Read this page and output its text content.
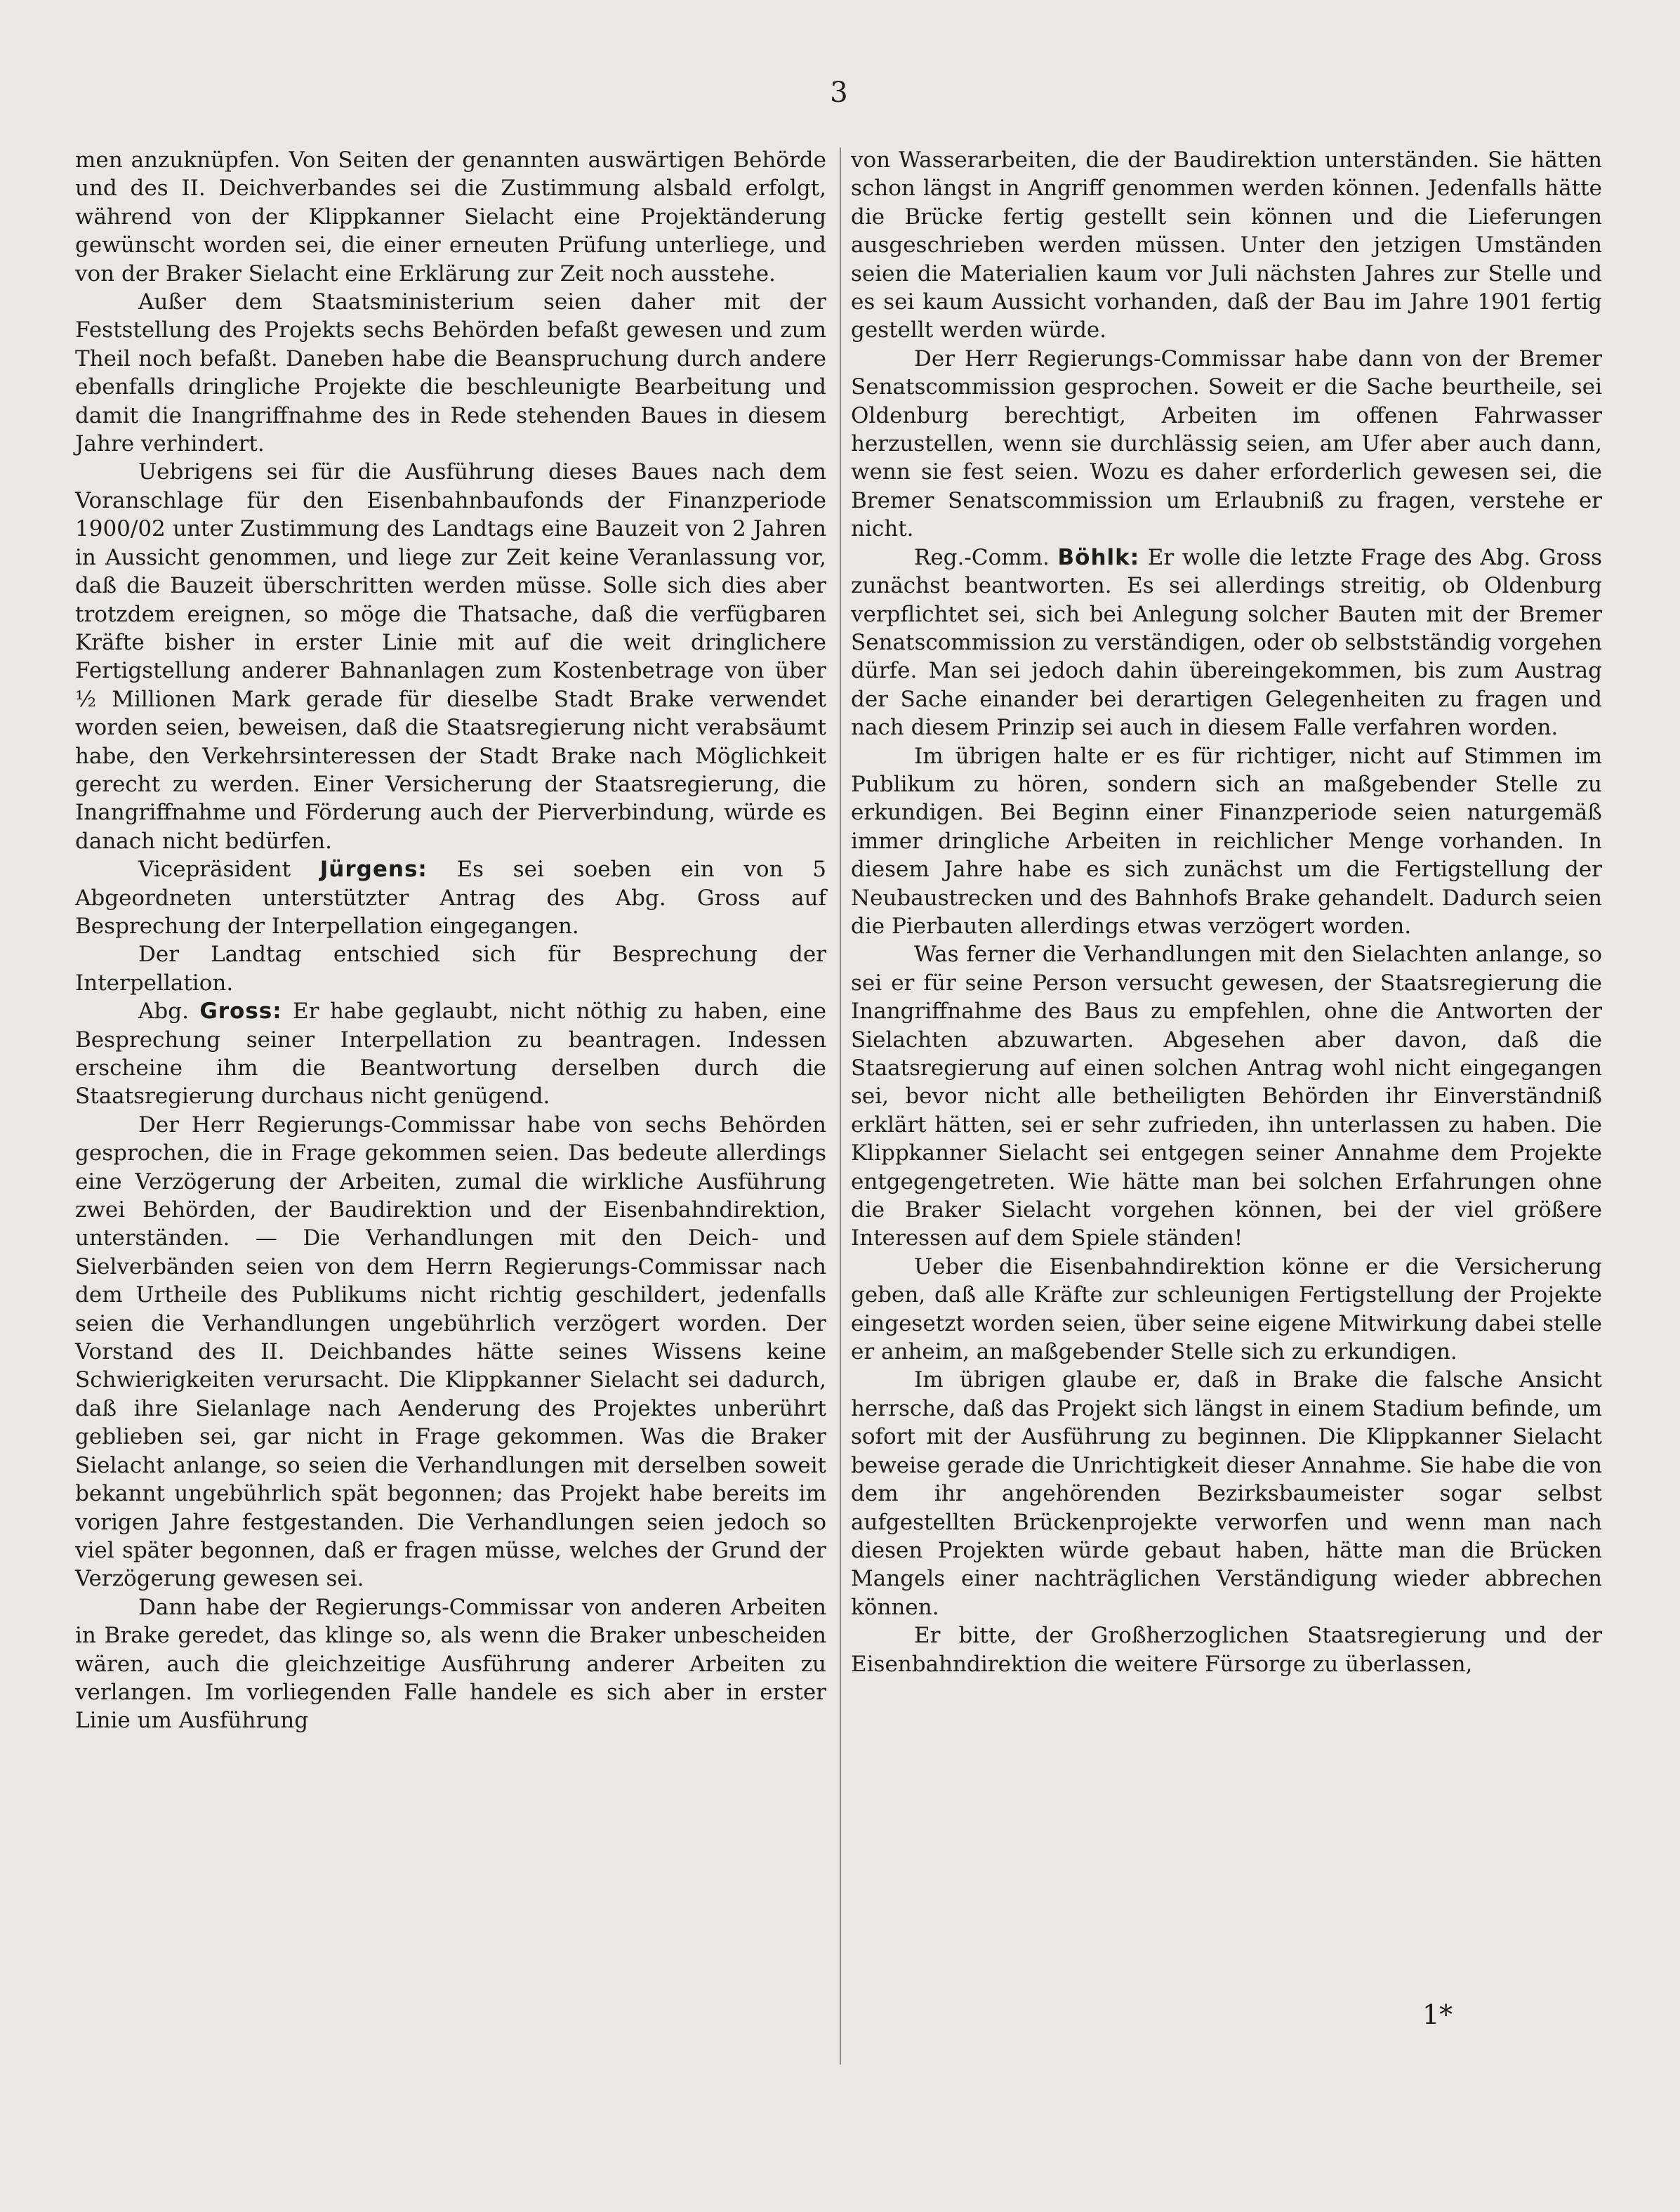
3

men anzuknüpfen. Von Seiten der genannten auswärtigen Behörde und des II. Deichverbandes sei die Zustimmung alsbald erfolgt, während von der Klippkanner Sielacht eine Projektänderung gewünscht worden sei, die einer erneuten Prüfung unterliege, und von der Braker Sielacht eine Erklärung zur Zeit noch ausstehe.

Außer dem Staatsministerium seien daher mit der Feststellung des Projekts sechs Behörden befaßt gewesen und zum Theil noch befaßt. Daneben habe die Beanspruchung durch andere ebenfalls dringliche Projekte die beschleunigte Bearbeitung und damit die Inangriffnahme des in Rede stehenden Baues in diesem Jahre verhindert.

Uebrigens sei für die Ausführung dieses Baues nach dem Voranschlage für den Eisenbahnbaufonds der Finanzperiode 1900/02 unter Zustimmung des Landtags eine Bauzeit von 2 Jahren in Aussicht genommen, und liege zur Zeit keine Veranlassung vor, daß die Bauzeit überschritten werden müsse. Solle sich dies aber trotzdem ereignen, so möge die Thatsache, daß die verfügbaren Kräfte bisher in erster Linie mit auf die weit dringlichere Fertigstellung anderer Bahnanlagen zum Kostenbetrage von über ½ Millionen Mark gerade für dieselbe Stadt Brake verwendet worden seien, beweisen, daß die Staatsregierung nicht verabsäumt habe, den Verkehrsinteressen der Stadt Brake nach Möglichkeit gerecht zu werden. Einer Versicherung der Staatsregierung, die Inangriffnahme und Förderung auch der Pierverbindung, würde es danach nicht bedürfen.

Vicepräsident Jürgens: Es sei soeben ein von 5 Abgeordneten unterstützter Antrag des Abg. Gross auf Besprechung der Interpellation eingegangen.

Der Landtag entschied sich für Besprechung der Interpellation.

Abg. Gross: Er habe geglaubt, nicht nöthig zu haben, eine Besprechung seiner Interpellation zu beantragen. Indessen erscheine ihm die Beantwortung derselben durch die Staatsregierung durchaus nicht genügend.

Der Herr Regierungs-Commissar habe von sechs Behörden gesprochen, die in Frage gekommen seien. Das bedeute allerdings eine Verzögerung der Arbeiten, zumal die wirkliche Ausführung zwei Behörden, der Baudirektion und der Eisenbahndirektion, unterständen. — Die Verhandlungen mit den Deich- und Sielverbänden seien von dem Herrn Regierungs-Commissar nach dem Urtheile des Publikums nicht richtig geschildert, jedenfalls seien die Verhandlungen ungebührlich verzögert worden. Der Vorstand des II. Deichbandes hätte seines Wissens keine Schwierigkeiten verursacht. Die Klippkanner Sielacht sei dadurch, daß ihre Sielanlage nach Aenderung des Projektes unberührt geblieben sei, gar nicht in Frage gekommen. Was die Braker Sielacht anlange, so seien die Verhandlungen mit derselben soweit bekannt ungebührlich spät begonnen; das Projekt habe bereits im vorigen Jahre festgestanden. Die Verhandlungen seien jedoch so viel später begonnen, daß er fragen müsse, welches der Grund der Verzögerung gewesen sei.

Dann habe der Regierungs-Commissar von anderen Arbeiten in Brake geredet, das klinge so, als wenn die Braker unbescheiden wären, auch die gleichzeitige Ausführung anderer Arbeiten zu verlangen. Im vorliegenden Falle handele es sich aber in erster Linie um Ausführung

von Wasserarbeiten, die der Baudirektion unterständen. Sie hätten schon längst in Angriff genommen werden können. Jedenfalls hätte die Brücke fertig gestellt sein können und die Lieferungen ausgeschrieben werden müssen. Unter den jetzigen Umständen seien die Materialien kaum vor Juli nächsten Jahres zur Stelle und es sei kaum Aussicht vorhanden, daß der Bau im Jahre 1901 fertig gestellt werden würde.

Der Herr Regierungs-Commissar habe dann von der Bremer Senatscommission gesprochen. Soweit er die Sache beurtheile, sei Oldenburg berechtigt, Arbeiten im offenen Fahrwasser herzustellen, wenn sie durchlässig seien, am Ufer aber auch dann, wenn sie fest seien. Wozu es daher erforderlich gewesen sei, die Bremer Senatscommission um Erlaubniß zu fragen, verstehe er nicht.

Reg.-Comm. Böhlk: Er wolle die letzte Frage des Abg. Gross zunächst beantworten. Es sei allerdings streitig, ob Oldenburg verpflichtet sei, sich bei Anlegung solcher Bauten mit der Bremer Senatscommission zu verständigen, oder ob selbstständig vorgehen dürfe. Man sei jedoch dahin übereingekommen, bis zum Austrag der Sache einander bei derartigen Gelegenheiten zu fragen und nach diesem Prinzip sei auch in diesem Falle verfahren worden.

Im übrigen halte er es für richtiger, nicht auf Stimmen im Publikum zu hören, sondern sich an maßgebender Stelle zu erkundigen. Bei Beginn einer Finanzperiode seien naturgemäß immer dringliche Arbeiten in reichlicher Menge vorhanden. In diesem Jahre habe es sich zunächst um die Fertigstellung der Neubaustrecken und des Bahnhofs Brake gehandelt. Dadurch seien die Pierbauten allerdings etwas verzögert worden.

Was ferner die Verhandlungen mit den Sielachten anlange, so sei er für seine Person versucht gewesen, der Staatsregierung die Inangriffnahme des Baus zu empfehlen, ohne die Antworten der Sielachten abzuwarten. Abgesehen aber davon, daß die Staatsregierung auf einen solchen Antrag wohl nicht eingegangen sei, bevor nicht alle betheiligten Behörden ihr Einverständniß erklärt hätten, sei er sehr zufrieden, ihn unterlassen zu haben. Die Klippkanner Sielacht sei entgegen seiner Annahme dem Projekte entgegengetreten. Wie hätte man bei solchen Erfahrungen ohne die Braker Sielacht vorgehen können, bei der viel größere Interessen auf dem Spiele ständen!

Ueber die Eisenbahndirektion könne er die Versicherung geben, daß alle Kräfte zur schleunigen Fertigstellung der Projekte eingesetzt worden seien, über seine eigene Mitwirkung dabei stelle er anheim, an maßgebender Stelle sich zu erkundigen.

Im übrigen glaube er, daß in Brake die falsche Ansicht herrsche, daß das Projekt sich längst in einem Stadium befinde, um sofort mit der Ausführung zu beginnen. Die Klippkanner Sielacht beweise gerade die Unrichtigkeit dieser Annahme. Sie habe die von dem ihr angehörenden Bezirksbaumeister sogar selbst aufgestellten Brückenprojekte verworfen und wenn man nach diesen Projekten würde gebaut haben, hätte man die Brücken Mangels einer nachträglichen Verständigung wieder abbrechen können.

Er bitte, der Großherzoglichen Staatsregierung und der Eisenbahndirektion die weitere Fürsorge zu überlassen,

1*
